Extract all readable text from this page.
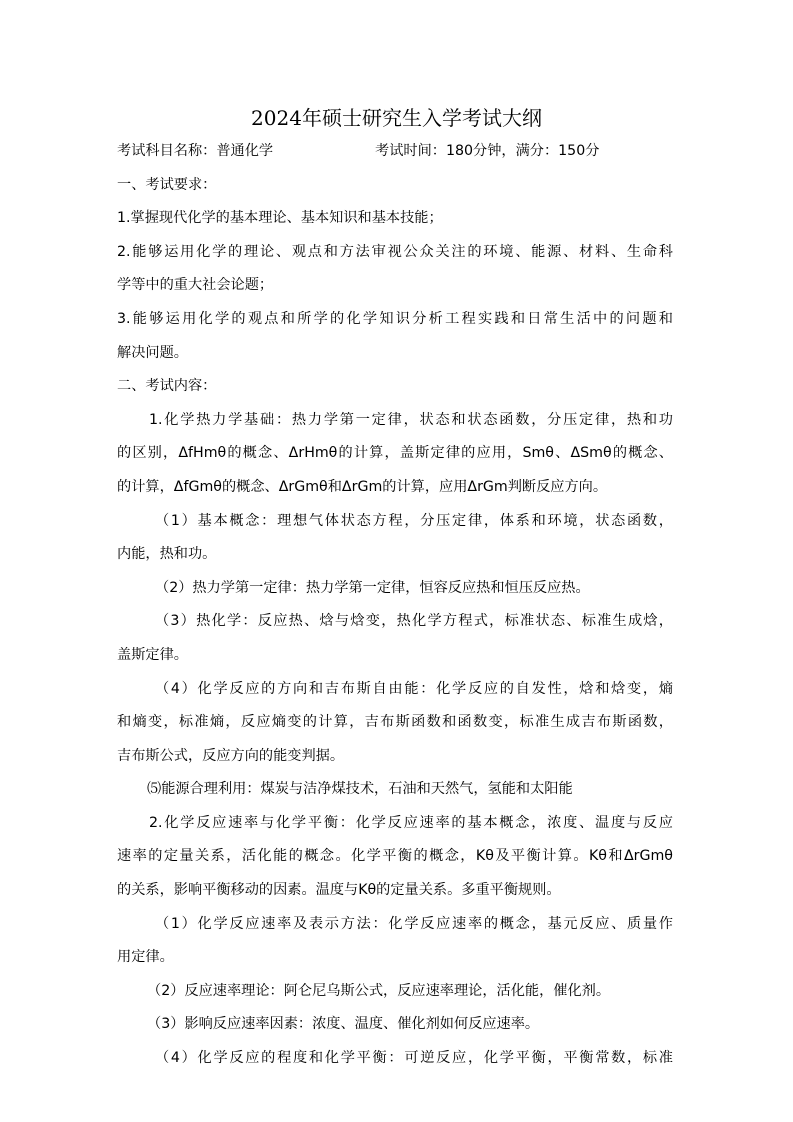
2024年硕士研究生入学考试大纲
考试科目名称：普通化学	考试时间：180分钟，满分：150分
一、考试要求：
1.掌握现代化学的基本理论、基本知识和基本技能；
2.能够运用化学的理论、观点和方法审视公众关注的环境、能源、材料、生命科
学等中的重大社会论题；
3.能够运用化学的观点和所学的化学知识分析工程实践和日常生活中的问题和
解决问题。
二、考试内容：
1.化学热力学基础：热力学第一定律，状态和状态函数，分压定律，热和功
的区别，ΔfHmθ的概念、ΔrHmθ的计算，盖斯定律的应用，Smθ、ΔSmθ的概念、
的计算，ΔfGmθ的概念、ΔrGmθ和ΔrGm的计算，应用ΔrGm判断反应方向。
（1）基本概念：理想气体状态方程，分压定律，体系和环境，状态函数，
内能，热和功。
（2）热力学第一定律：热力学第一定律，恒容反应热和恒压反应热。
（3）热化学：反应热、焓与焓变，热化学方程式，标准状态、标准生成焓，
盖斯定律。
（4）化学反应的方向和吉布斯自由能：化学反应的自发性，焓和焓变，熵
和熵变，标准熵，反应熵变的计算，吉布斯函数和函数变，标准生成吉布斯函数，
吉布斯公式，反应方向的能变判据。
⑸能源合理利用：煤炭与洁净煤技术，石油和天然气，氢能和太阳能
2.化学反应速率与化学平衡：化学反应速率的基本概念，浓度、温度与反应
速率的定量关系，活化能的概念。化学平衡的概念，Kθ及平衡计算。Kθ和ΔrGmθ
的关系，影响平衡移动的因素。温度与Kθ的定量关系。多重平衡规则。
（1）化学反应速率及表示方法：化学反应速率的概念，基元反应、质量作
用定律。
（2）反应速率理论：阿仑尼乌斯公式，反应速率理论，活化能，催化剂。
（3）影响反应速率因素：浓度、温度、催化剂如何反应速率。
（4）化学反应的程度和化学平衡：可逆反应，化学平衡，平衡常数，标准
